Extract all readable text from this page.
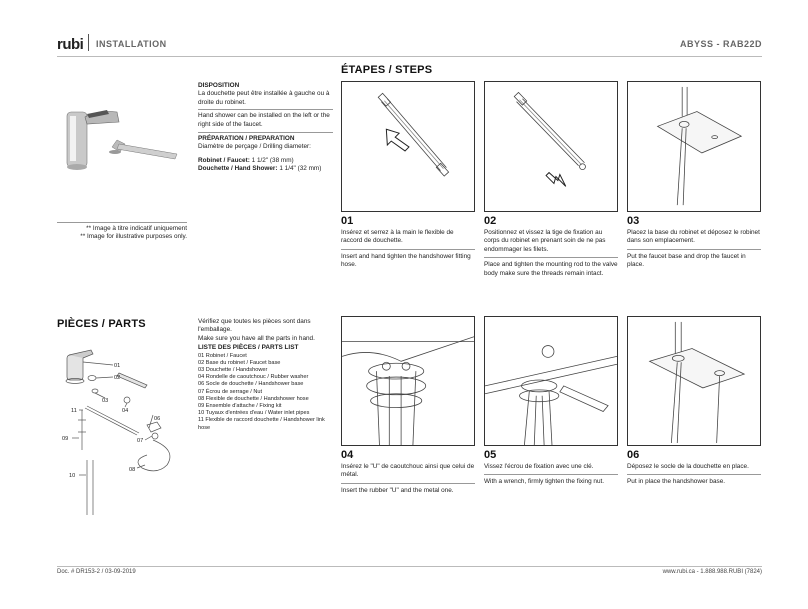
rubi INSTALLATION	ABYSS - RAB22D
** Image à titre indicatif uniquement
** Image for illustrative purposes only.
DISPOSITION
La douchette peut être installée à gauche ou à droite du robinet.
Hand shower can be installed on the left or the right side of the faucet.
PRÉPARATION / PREPARATION
Diamètre de perçage / Drilling diameter:
Robinet / Faucet: 1 1/2" (38 mm)
Douchette / Hand Shower: 1 1/4" (32 mm)
ÉTAPES / STEPS
01
Insérez et serrez à la main le flexible de raccord de douchette.
Insert and hand tighten the handshower fitting hose.
02
Positionnez et vissez la tige de fixation au corps du robinet en prenant soin de ne pas endommager les filets.
Place and tighten the mounting rod to the valve body make sure the threads remain intact.
03
Placez la base du robinet et déposez le robinet dans son emplacement.
Put the faucet base and drop the faucet in place.
04
Insérez le "U" de caoutchouc ainsi que celui de métal.
Insert the rubber "U" and the metal one.
05
Vissez l'écrou de fixation avec une clé.
With a wrench, firmly tighten the fixing nut.
06
Déposez le socle de la douchette en place.
Put in place the handshower base.
PIÈCES / PARTS	Vérifiez que toutes les pièces sont dans l'emballage.
Make sure you have all the parts in hand.
LISTE DES PIÈCES / PARTS LIST
01 Robinet / Faucet
02 Base du robinet / Faucet base
03 Douchette / Handshower
04 Rondelle de caoutchouc / Rubber washer
06 Socle de douchette / Handshower base
07 Écrou de serrage / Nut
08 Flexible de douchette / Handshower hose
09 Ensemble d'attache / Fixing kit
10 Tuyaux d'entrées d'eau / Water inlet pipes
11 Flexible de raccord douchette / Handshower link hose
01
02
03
04
06
07
08
09
10
11
Doc. # DR153-2 / 03-09-2019	www.rubi.ca - 1.888.988.RUBI (7824)
